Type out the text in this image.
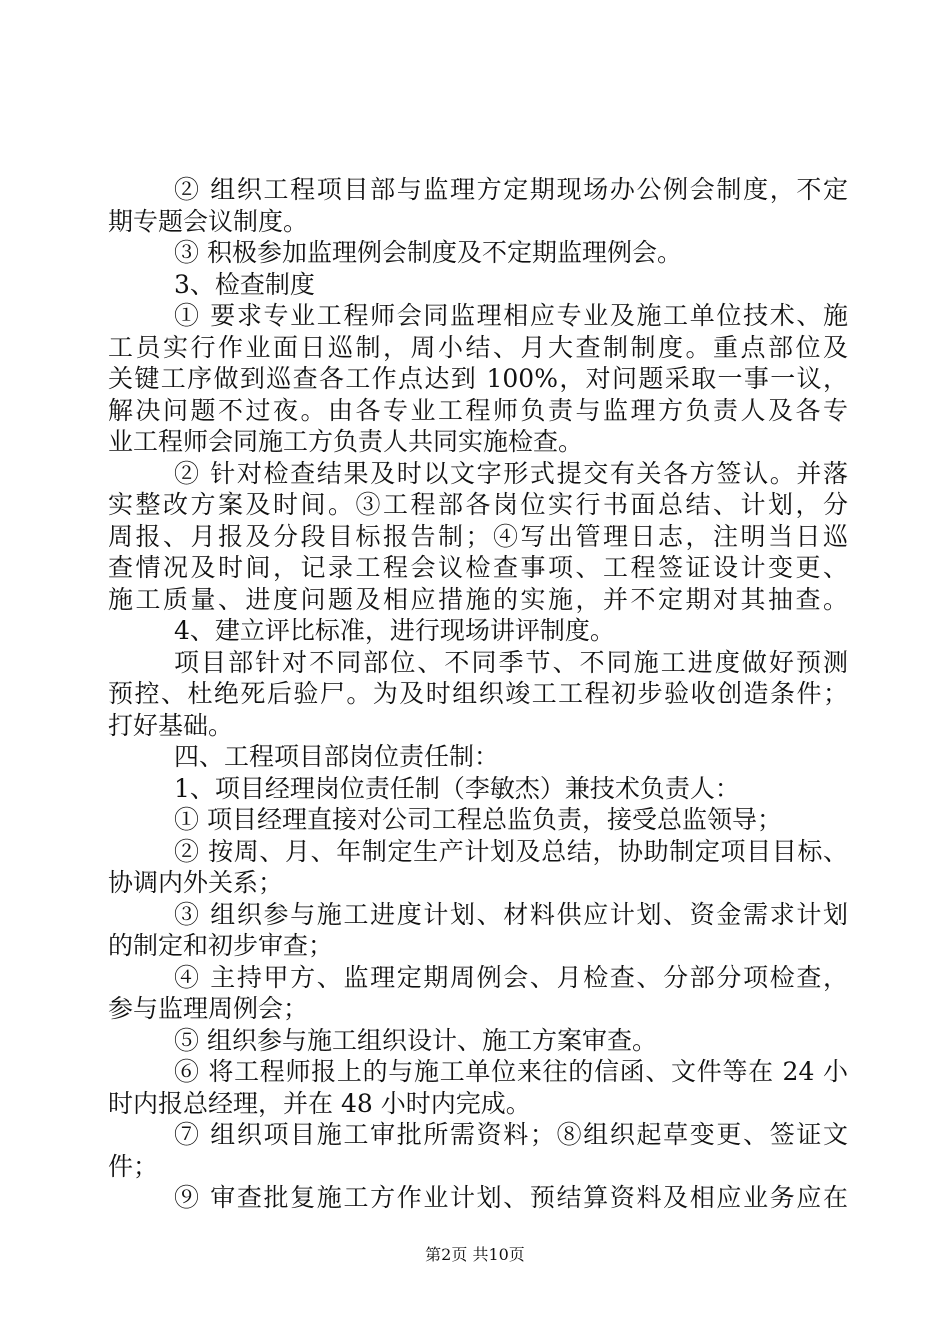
② 组织工程项目部与监理方定期现场办公例会制度，不定
期专题会议制度。
③ 积极参加监理例会制度及不定期监理例会。
3、检查制度
① 要求专业工程师会同监理相应专业及施工单位技术、施
工员实行作业面日巡制，周小结、月大查制制度。重点部位及
关键工序做到巡查各工作点达到 100%，对问题采取一事一议，
解决问题不过夜。由各专业工程师负责与监理方负责人及各专
业工程师会同施工方负责人共同实施检查。
② 针对检查结果及时以文字形式提交有关各方签认。并落
实整改方案及时间。③工程部各岗位实行书面总结、计划，分
周报、月报及分段目标报告制；④写出管理日志，注明当日巡
查情况及时间，记录工程会议检查事项、工程签证设计变更、
施工质量、进度问题及相应措施的实施，并不定期对其抽查。
4、建立评比标准，进行现场讲评制度。
项目部针对不同部位、不同季节、不同施工进度做好预测
预控、杜绝死后验尸。为及时组织竣工工程初步验收创造条件；
打好基础。
四、工程项目部岗位责任制：
1、项目经理岗位责任制（李敏杰）兼技术负责人：
① 项目经理直接对公司工程总监负责，接受总监领导；
② 按周、月、年制定生产计划及总结，协助制定项目目标、
协调内外关系；
③ 组织参与施工进度计划、材料供应计划、资金需求计划
的制定和初步审查；
④ 主持甲方、监理定期周例会、月检查、分部分项检查，
参与监理周例会；
⑤ 组织参与施工组织设计、施工方案审查。
⑥ 将工程师报上的与施工单位来往的信函、文件等在 24 小
时内报总经理，并在 48 小时内完成。
⑦ 组织项目施工审批所需资料；⑧组织起草变更、签证文
件；
⑨ 审查批复施工方作业计划、预结算资料及相应业务应在
第2页 共10页
